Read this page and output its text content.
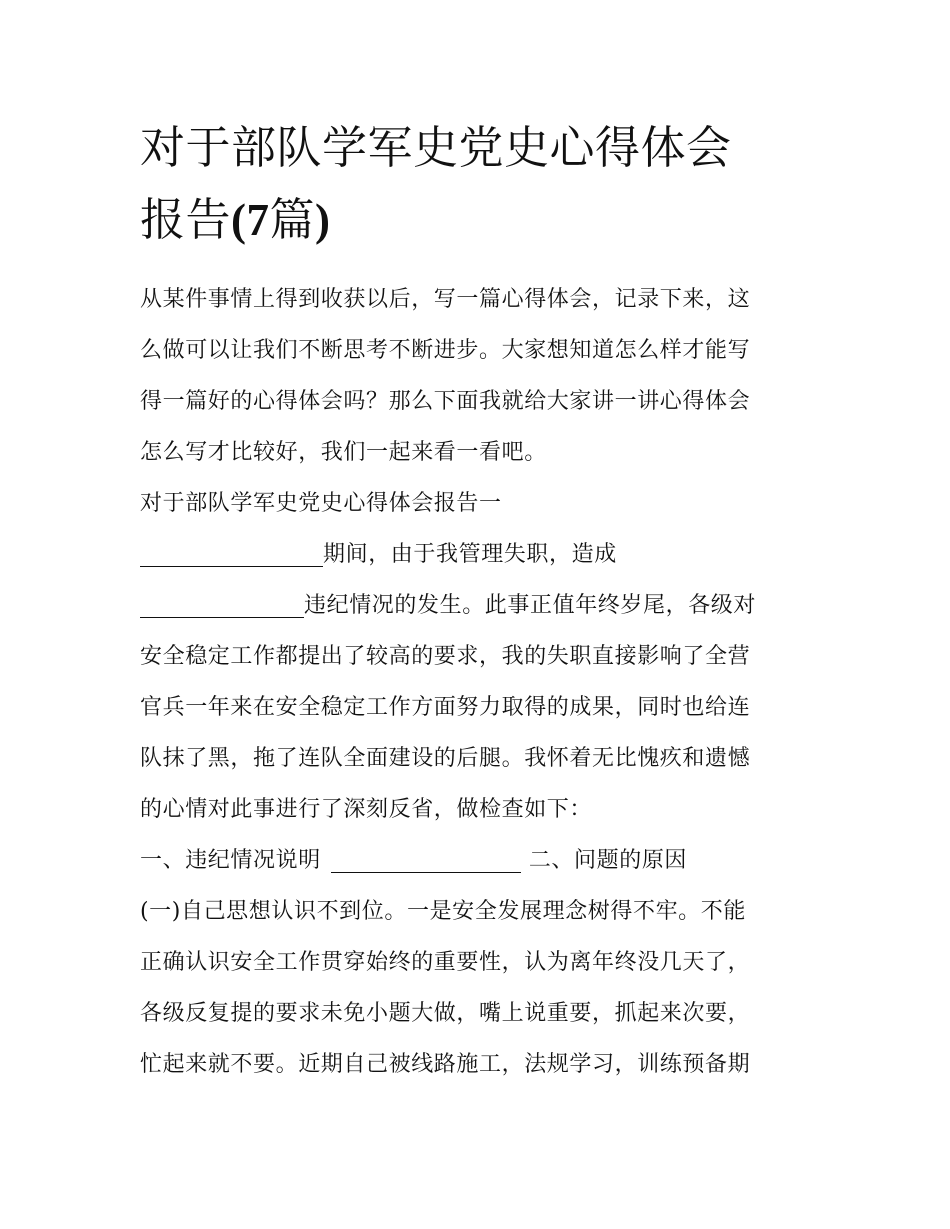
对于部队学军史党史心得体会
报告(7篇)

从某件事情上得到收获以后，写一篇心得体会，记录下来，这

么做可以让我们不断思考不断进步。大家想知道怎么样才能写

得一篇好的心得体会吗？那么下面我就给大家讲一讲心得体会

怎么写才比较好，我们一起来看一看吧。

对于部队学军史党史心得体会报告一

期间，由于我管理失职，造成

违纪情况的发生。此事正值年终岁尾，各级对

安全稳定工作都提出了较高的要求，我的失职直接影响了全营

官兵一年来在安全稳定工作方面努力取得的成果，同时也给连

队抹了黑，拖了连队全面建设的后腿。我怀着无比愧疚和遗憾

的心情对此事进行了深刻反省，做检查如下：

一、违纪情况说明	二、问题的原因

(一)自己思想认识不到位。一是安全发展理念树得不牢。不能

正确认识安全工作贯穿始终的重要性，认为离年终没几天了，

各级反复提的要求未免小题大做，嘴上说重要，抓起来次要，

忙起来就不要。近期自己被线路施工，法规学习，训练预备期
